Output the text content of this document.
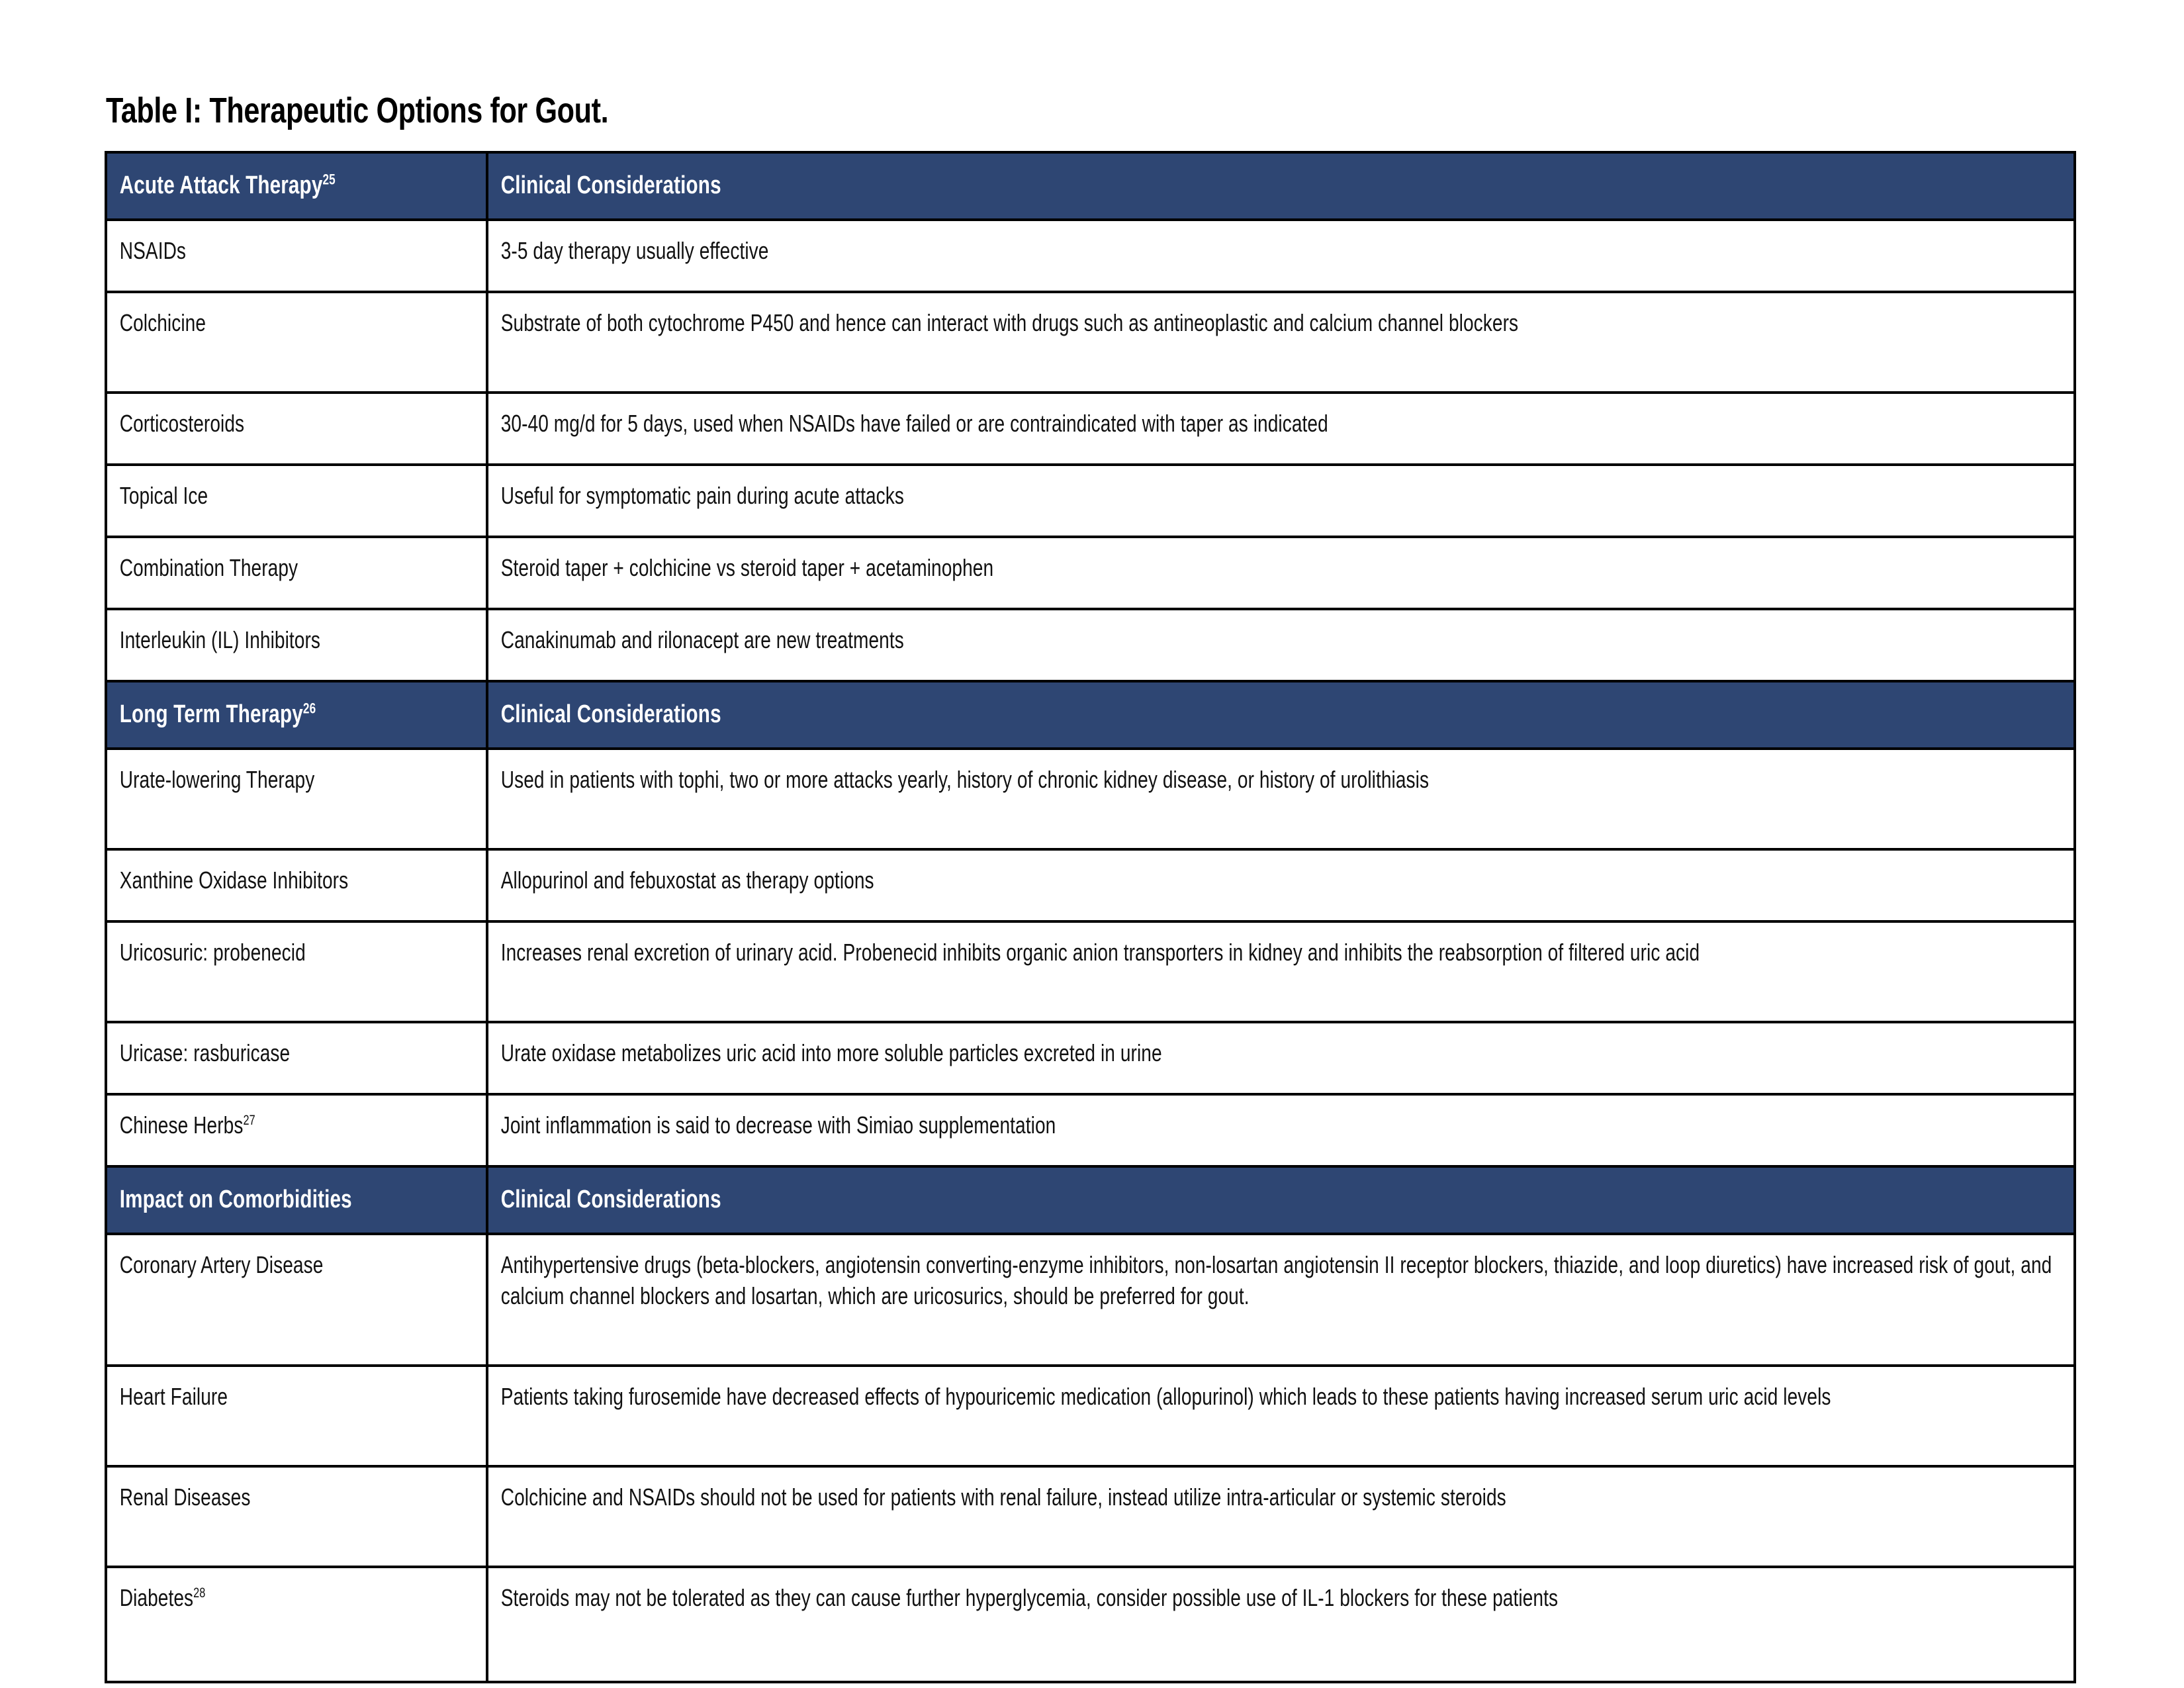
Table I: Therapeutic Options for Gout.
Acute Attack Therapy$^{25}$	Clinical Considerations

NSAIDs	3-5 day therapy usually effective

Colchicine	Substrate of both cytochrome P450 and hence can interact with drugs such as antineoplastic and calcium channel blockers

Corticosteroids	30-40 mg/d for 5 days, used when NSAIDs have failed or are contraindicated with taper as indicated

Topical Ice	Useful for symptomatic pain during acute attacks

Combination Therapy	Steroid taper + colchicine vs steroid taper + acetaminophen

Interleukin (IL) Inhibitors	Canakinumab and rilonacept are new treatments

Long Term Therapy$^{26}$	Clinical Considerations

Urate-lowering Therapy	Used in patients with tophi, two or more attacks yearly, history of chronic kidney disease, or history of urolithiasis

Xanthine Oxidase Inhibitors	Allopurinol and febuxostat as therapy options

Uricosuric: probenecid	Increases renal excretion of urinary acid. Probenecid inhibits organic anion transporters in kidney and inhibits the reabsorption of filtered uric acid

Uricase: rasburicase	Urate oxidase metabolizes uric acid into more soluble particles excreted in urine

Chinese Herbs$^{27}$	Joint inflammation is said to decrease with Simiao supplementation

Impact on Comorbidities	Clinical Considerations

Coronary Artery Disease	Antihypertensive drugs (beta-blockers, angiotensin converting-enzyme inhibitors, non-losartan angiotensin II receptor blockers, thiazide, and loop diuretics) have increased risk of gout, and calcium channel blockers and losartan, which are uricosurics, should be preferred for gout.

Heart Failure	Patients taking furosemide have decreased effects of hypouricemic medication (allopurinol) which leads to these patients having increased serum uric acid levels

Renal Diseases	Colchicine and NSAIDs should not be used for patients with renal failure, instead utilize intra-articular or systemic steroids

Diabetes$^{28}$	Steroids may not be tolerated as they can cause further hyperglycemia, consider possible use of IL-1 blockers for these patients
